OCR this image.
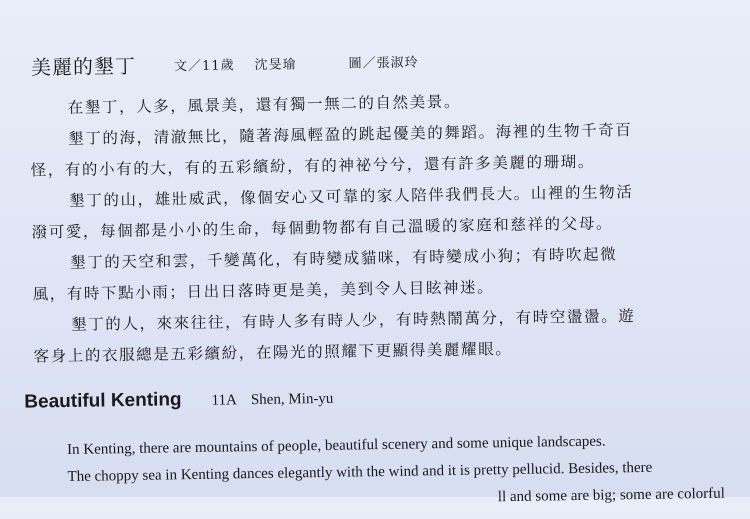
美麗的墾丁	文／11歲 沈旻瑜	圖／張淑玲
在墾丁，人多，風景美，還有獨一無二的自然美景。
墾丁的海，清澈無比，隨著海風輕盈的跳起優美的舞蹈。海裡的生物千奇百
怪，有的小有的大，有的五彩繽紛，有的神祕兮兮，還有許多美麗的珊瑚。
墾丁的山，雄壯威武，像個安心又可靠的家人陪伴我們長大。山裡的生物活
潑可愛，每個都是小小的生命，每個動物都有自己溫暖的家庭和慈祥的父母。
墾丁的天空和雲，千變萬化，有時變成貓咪，有時變成小狗；有時吹起微
風，有時下點小雨；日出日落時更是美，美到令人目眩神迷。
墾丁的人，來來往往，有時人多有時人少，有時熱鬧萬分，有時空盪盪。遊
客身上的衣服總是五彩繽紛，在陽光的照耀下更顯得美麗耀眼。
Beautiful Kenting 11A Shen, Min-yu
In Kenting, there are mountains of people, beautiful scenery and some unique landscapes.
The choppy sea in Kenting dances elegantly with the wind and it is pretty pellucid. Besides, there
ll and some are big; some are colorful
